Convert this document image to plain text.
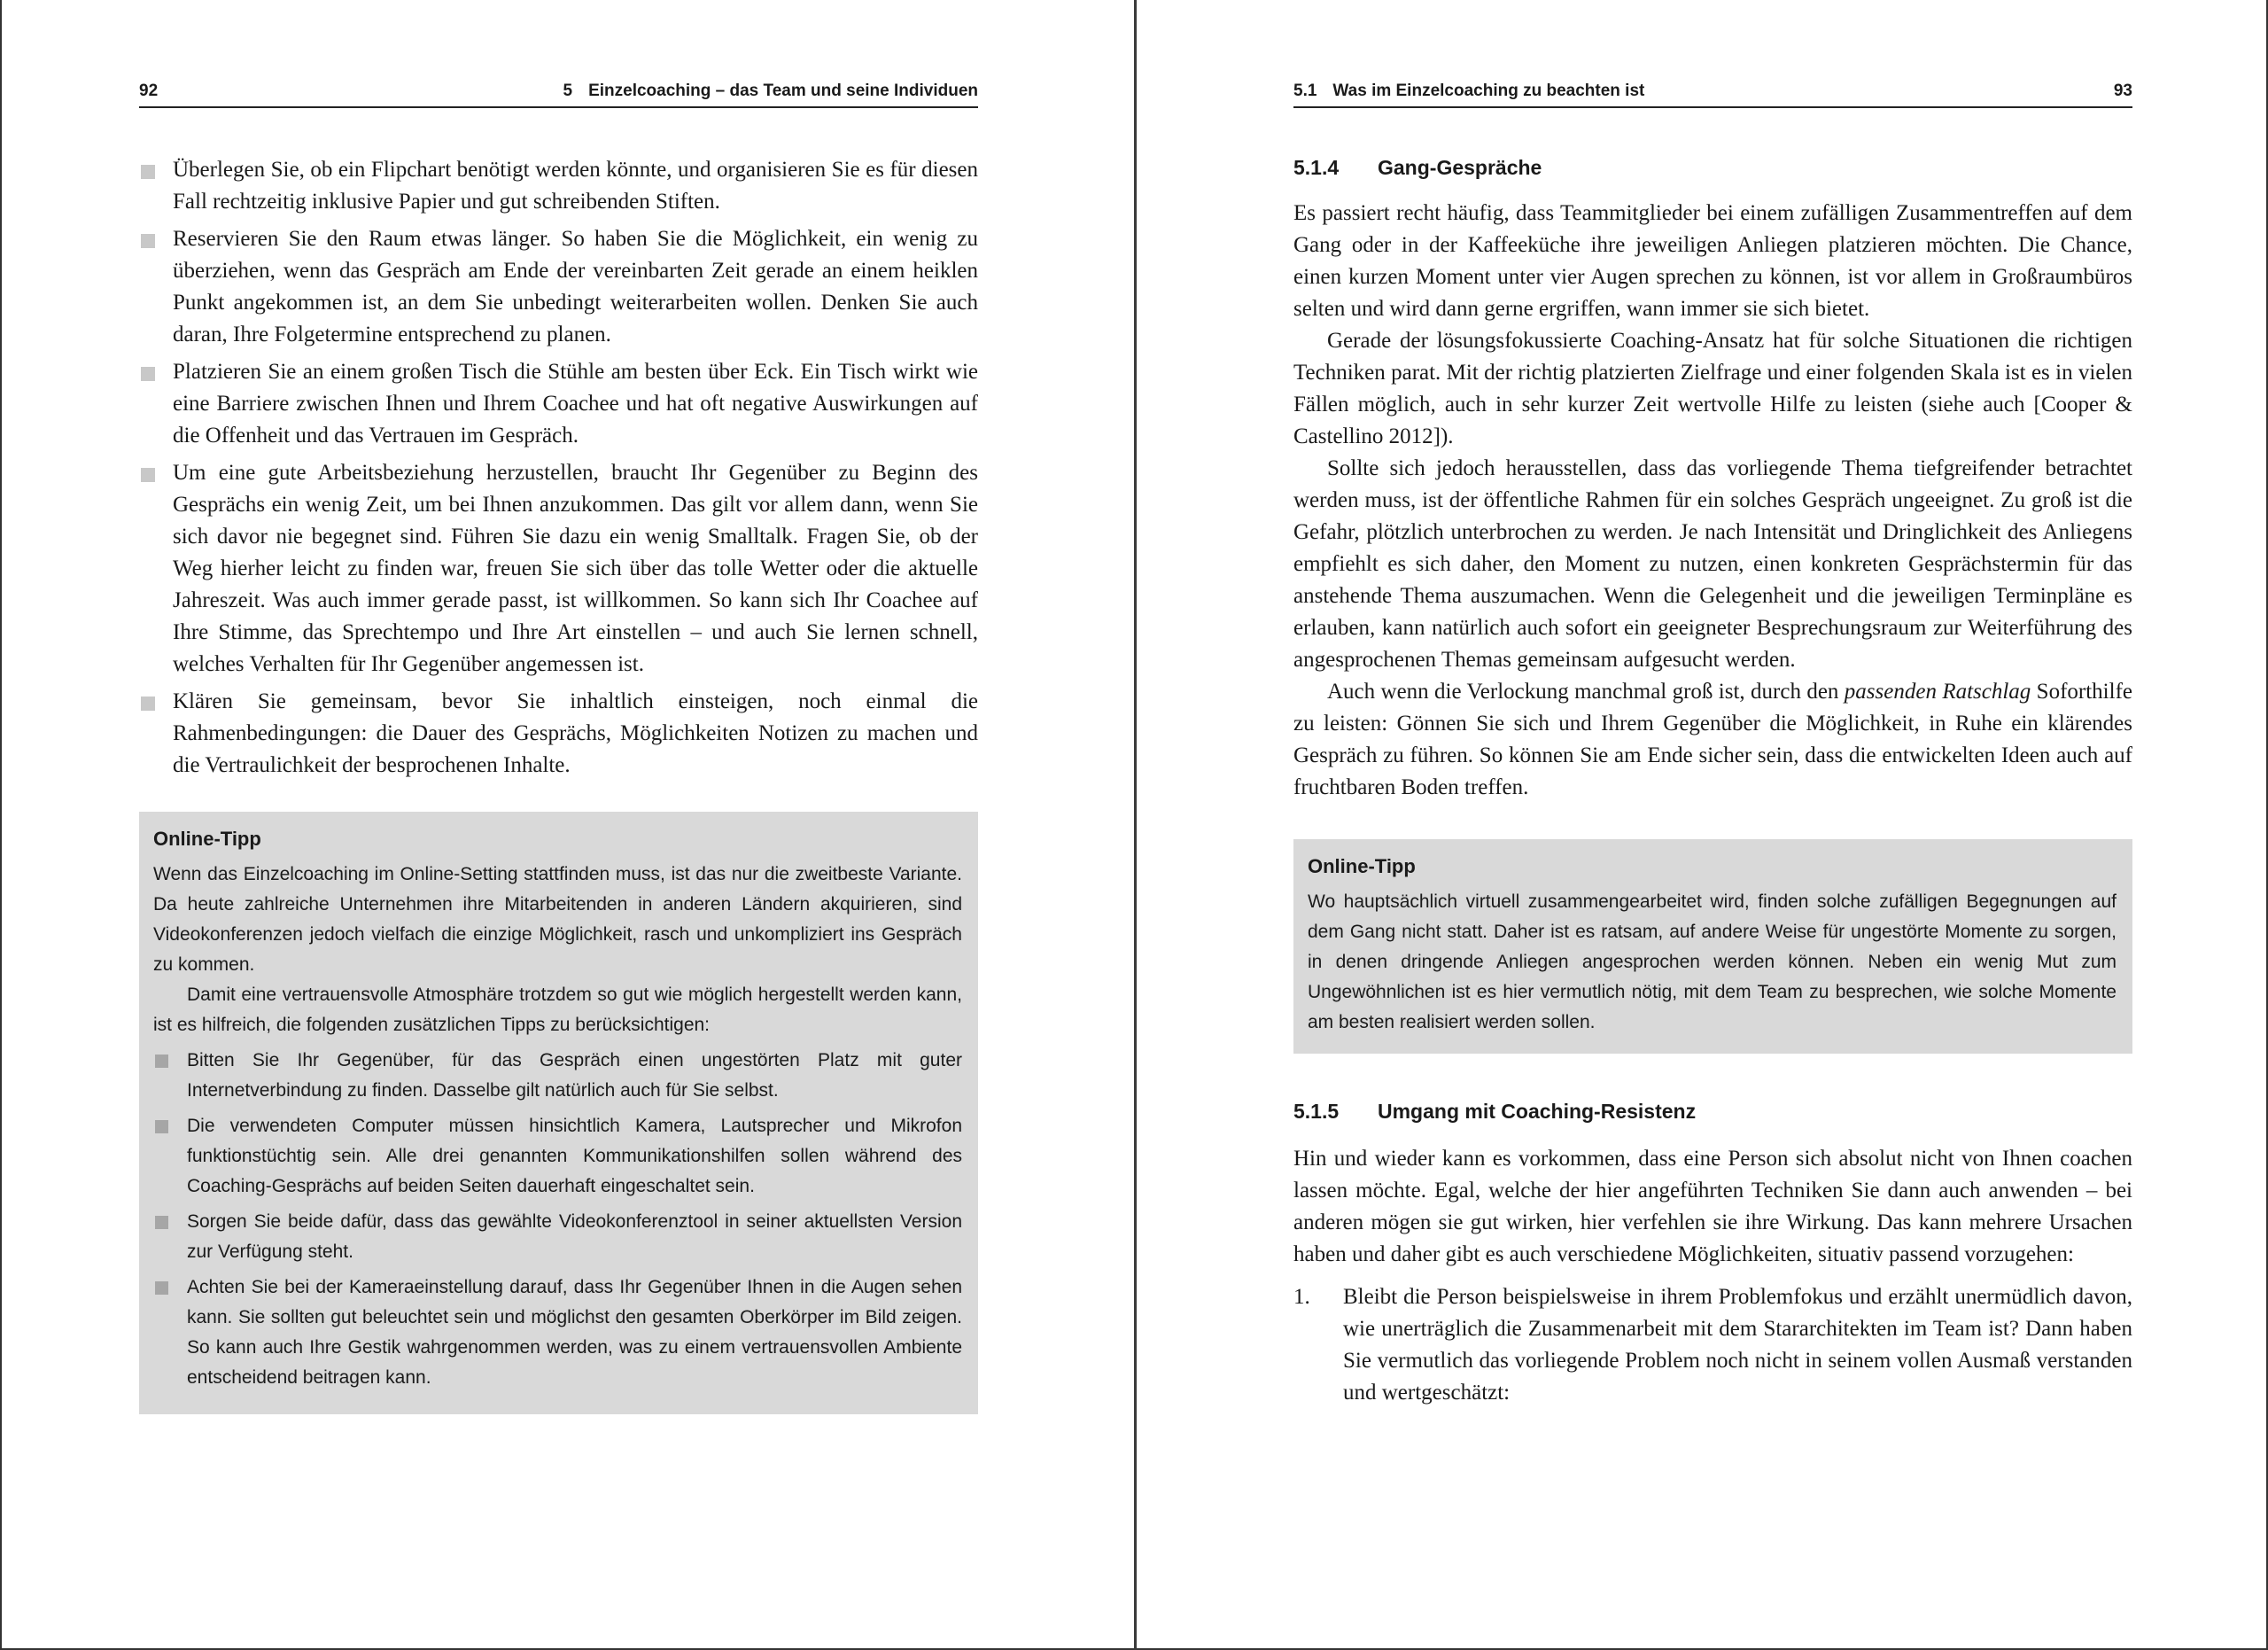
92	5 Einzelcoaching – das Team und seine Individuen
Überlegen Sie, ob ein Flipchart benötigt werden könnte, und organisieren Sie es für diesen Fall rechtzeitig inklusive Papier und gut schreibenden Stiften.
Reservieren Sie den Raum etwas länger. So haben Sie die Möglichkeit, ein wenig zu überziehen, wenn das Gespräch am Ende der vereinbarten Zeit gerade an einem heiklen Punkt angekommen ist, an dem Sie unbedingt weiterarbeiten wollen. Denken Sie auch daran, Ihre Folgetermine entsprechend zu planen.
Platzieren Sie an einem großen Tisch die Stühle am besten über Eck. Ein Tisch wirkt wie eine Barriere zwischen Ihnen und Ihrem Coachee und hat oft negative Auswirkungen auf die Offenheit und das Vertrauen im Gespräch.
Um eine gute Arbeitsbeziehung herzustellen, braucht Ihr Gegenüber zu Beginn des Gesprächs ein wenig Zeit, um bei Ihnen anzukommen. Das gilt vor allem dann, wenn Sie sich davor nie begegnet sind. Führen Sie dazu ein wenig Smalltalk. Fragen Sie, ob der Weg hierher leicht zu finden war, freuen Sie sich über das tolle Wetter oder die aktuelle Jahreszeit. Was auch immer gerade passt, ist willkommen. So kann sich Ihr Coachee auf Ihre Stimme, das Sprechtempo und Ihre Art einstellen – und auch Sie lernen schnell, welches Verhalten für Ihr Gegenüber angemessen ist.
Klären Sie gemeinsam, bevor Sie inhaltlich einsteigen, noch einmal die Rahmenbedingungen: die Dauer des Gesprächs, Möglichkeiten Notizen zu machen und die Vertraulichkeit der besprochenen Inhalte.
Online-Tipp

Wenn das Einzelcoaching im Online-Setting stattfinden muss, ist das nur die zweitbeste Variante. Da heute zahlreiche Unternehmen ihre Mitarbeitenden in anderen Ländern akquirieren, sind Videokonferenzen jedoch vielfach die einzige Möglichkeit, rasch und unkompliziert ins Gespräch zu kommen.

Damit eine vertrauensvolle Atmosphäre trotzdem so gut wie möglich hergestellt werden kann, ist es hilfreich, die folgenden zusätzlichen Tipps zu berücksichtigen:

Bitten Sie Ihr Gegenüber, für das Gespräch einen ungestörten Platz mit guter Internetverbindung zu finden. Dasselbe gilt natürlich auch für Sie selbst.
Die verwendeten Computer müssen hinsichtlich Kamera, Lautsprecher und Mikrofon funktionstüchtig sein. Alle drei genannten Kommunikationshilfen sollen während des Coaching-Gesprächs auf beiden Seiten dauerhaft eingeschaltet sein.
Sorgen Sie beide dafür, dass das gewählte Videokonferenztool in seiner aktuellsten Version zur Verfügung steht.
Achten Sie bei der Kameraeinstellung darauf, dass Ihr Gegenüber Ihnen in die Augen sehen kann. Sie sollten gut beleuchtet sein und möglichst den gesamten Oberkörper im Bild zeigen. So kann auch Ihre Gestik wahrgenommen werden, was zu einem vertrauensvollen Ambiente entscheidend beitragen kann.
5.1 Was im Einzelcoaching zu beachten ist	93
5.1.4 Gang-Gespräche

Es passiert recht häufig, dass Teammitglieder bei einem zufälligen Zusammentreffen auf dem Gang oder in der Kaffeeküche ihre jeweiligen Anliegen platzieren möchten. Die Chance, einen kurzen Moment unter vier Augen sprechen zu können, ist vor allem in Großraumbüros selten und wird dann gerne ergriffen, wann immer sie sich bietet.

Gerade der lösungsfokussierte Coaching-Ansatz hat für solche Situationen die richtigen Techniken parat. Mit der richtig platzierten Zielfrage und einer folgenden Skala ist es in vielen Fällen möglich, auch in sehr kurzer Zeit wertvolle Hilfe zu leisten (siehe auch [Cooper & Castellino 2012]).

Sollte sich jedoch herausstellen, dass das vorliegende Thema tiefgreifender betrachtet werden muss, ist der öffentliche Rahmen für ein solches Gespräch ungeeignet. Zu groß ist die Gefahr, plötzlich unterbrochen zu werden. Je nach Intensität und Dringlichkeit des Anliegens empfiehlt es sich daher, den Moment zu nutzen, einen konkreten Gesprächstermin für das anstehende Thema auszumachen. Wenn die Gelegenheit und die jeweiligen Terminpläne es erlauben, kann natürlich auch sofort ein geeigneter Besprechungsraum zur Weiterführung des angesprochenen Themas gemeinsam aufgesucht werden.

Auch wenn die Verlockung manchmal groß ist, durch den passenden Ratschlag Soforthilfe zu leisten: Gönnen Sie sich und Ihrem Gegenüber die Möglichkeit, in Ruhe ein klärendes Gespräch zu führen. So können Sie am Ende sicher sein, dass die entwickelten Ideen auch auf fruchtbaren Boden treffen.

Online-Tipp

Wo hauptsächlich virtuell zusammengearbeitet wird, finden solche zufälligen Begegnungen auf dem Gang nicht statt. Daher ist es ratsam, auf andere Weise für ungestörte Momente zu sorgen, in denen dringende Anliegen angesprochen werden können. Neben ein wenig Mut zum Ungewöhnlichen ist es hier vermutlich nötig, mit dem Team zu besprechen, wie solche Momente am besten realisiert werden sollen.

5.1.5 Umgang mit Coaching-Resistenz

Hin und wieder kann es vorkommen, dass eine Person sich absolut nicht von Ihnen coachen lassen möchte. Egal, welche der hier angeführten Techniken Sie dann auch anwenden – bei anderen mögen sie gut wirken, hier verfehlen sie ihre Wirkung. Das kann mehrere Ursachen haben und daher gibt es auch verschiedene Möglichkeiten, situativ passend vorzugehen:

1. Bleibt die Person beispielsweise in ihrem Problemfokus und erzählt unermüdlich davon, wie unerträglich die Zusammenarbeit mit dem Stararchitekten im Team ist? Dann haben Sie vermutlich das vorliegende Problem noch nicht in seinem vollen Ausmaß verstanden und wertgeschätzt:
